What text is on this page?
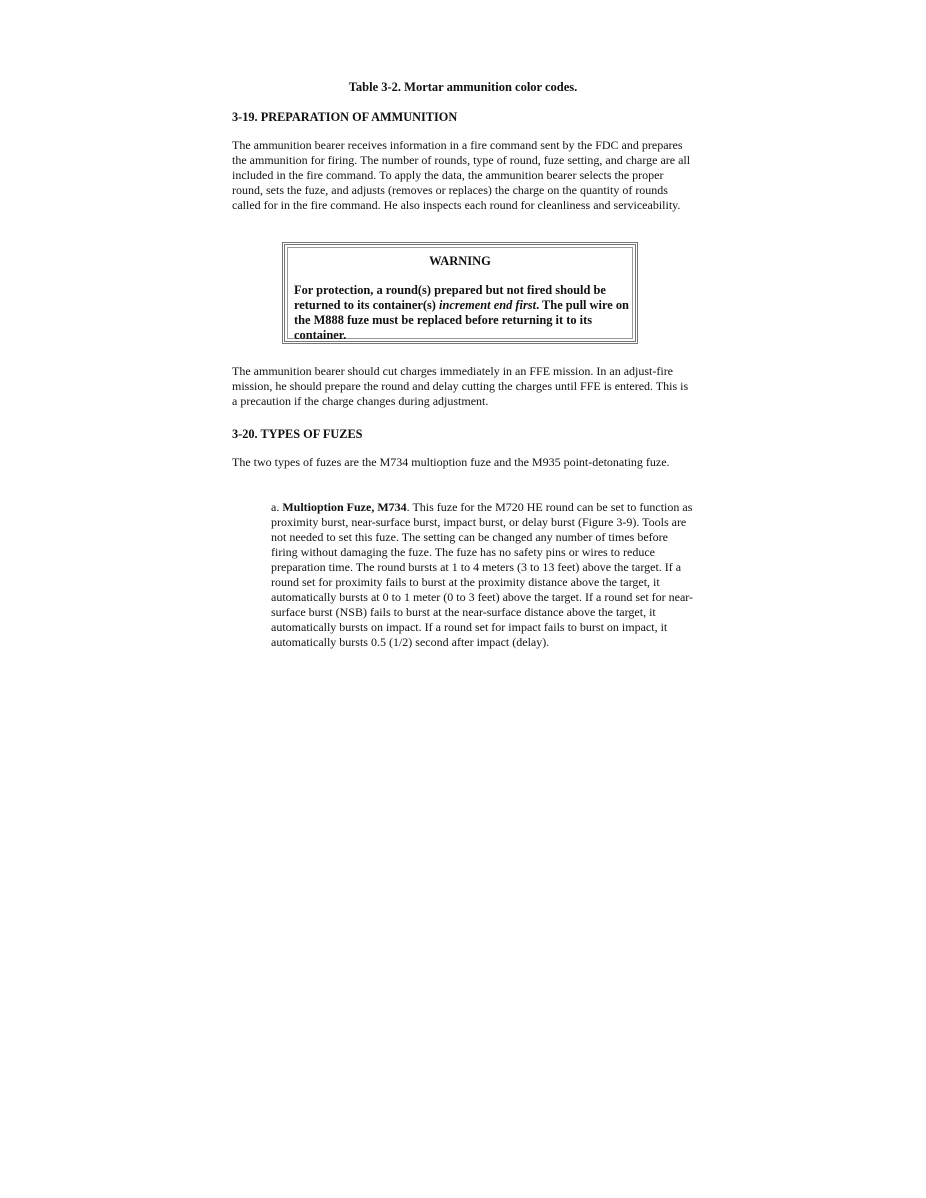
Table 3-2. Mortar ammunition color codes.
3-19. PREPARATION OF AMMUNITION

The ammunition bearer receives information in a fire command sent by the FDC and prepares the ammunition for firing. The number of rounds, type of round, fuze setting, and charge are all included in the fire command. To apply the data, the ammunition bearer selects the proper round, sets the fuze, and adjusts (removes or replaces) the charge on the quantity of rounds called for in the fire command. He also inspects each round for cleanliness and serviceability.

WARNING

For protection, a round(s) prepared but not fired should be returned to its container(s) increment end first. The pull wire on the M888 fuze must be replaced before returning it to its container.

The ammunition bearer should cut charges immediately in an FFE mission. In an adjust-fire mission, he should prepare the round and delay cutting the charges until FFE is entered. This is a precaution if the charge changes during adjustment.

3-20. TYPES OF FUZES

The two types of fuzes are the M734 multioption fuze and the M935 point-detonating fuze.

a. Multioption Fuze, M734. This fuze for the M720 HE round can be set to function as proximity burst, near-surface burst, impact burst, or delay burst (Figure 3-9). Tools are not needed to set this fuze. The setting can be changed any number of times before firing without damaging the fuze. The fuze has no safety pins or wires to reduce preparation time. The round bursts at 1 to 4 meters (3 to 13 feet) above the target. If a round set for proximity fails to burst at the proximity distance above the target, it automatically bursts at 0 to 1 meter (0 to 3 feet) above the target. If a round set for near-surface burst (NSB) fails to burst at the near-surface distance above the target, it automatically bursts on impact. If a round set for impact fails to burst on impact, it automatically bursts 0.5 (1/2) second after impact (delay).
